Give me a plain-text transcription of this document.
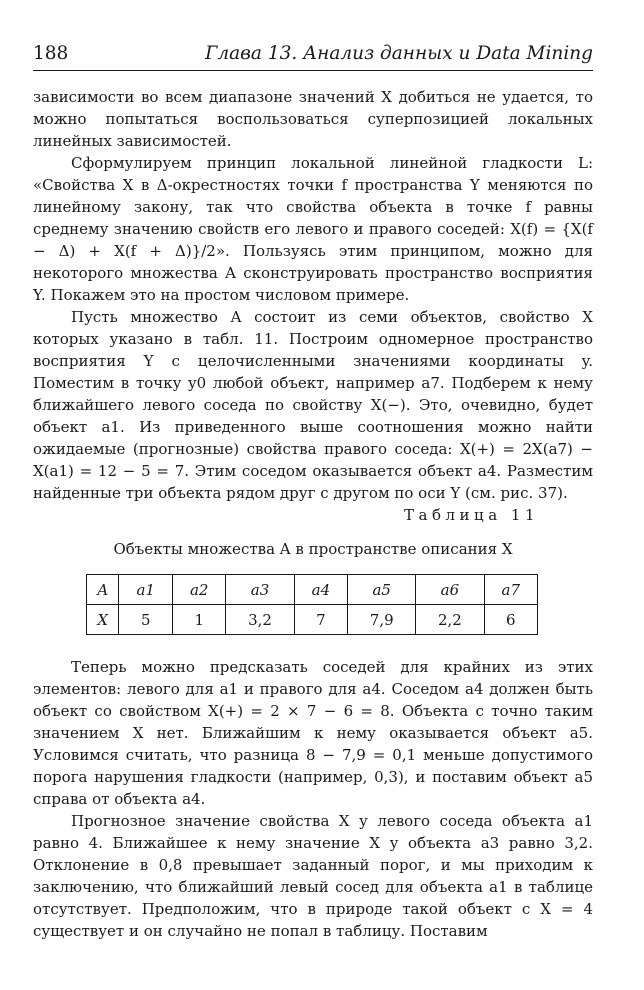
188	Глава 13. Анализ данных и Data Mining

зависимости во всем диапазоне значений X добиться не удается, то можно попытаться воспользоваться суперпозицией локальных линейных зависимостей.

Сформулируем принцип локальной линейной гладкости L: «Свойства X в Δ-окрестностях точки f пространства Y меняются по линейному закону, так что свойства объекта в точке f равны среднему значению свойств его левого и правого соседей: X(f) = {X(f − Δ) + X(f + Δ)}/2». Пользуясь этим принципом, можно для некоторого множества A сконструировать пространство восприятия Y. Покажем это на простом числовом примере.

Пусть множество A состоит из семи объектов, свойство X которых указано в табл. 11. Построим одномерное пространство восприятия Y с целочисленными значениями координаты y. Поместим в точку y0 любой объект, например a7. Подберем к нему ближайшего левого соседа по свойству X(−). Это, очевидно, будет объект a1. Из приведенного выше соотношения можно найти ожидаемые (прогнозные) свойства правого соседа: X(+) = 2X(a7) − X(a1) = 12 − 5 = 7. Этим соседом оказывается объект a4. Разместим найденные три объекта рядом друг с другом по оси Y (см. рис. 37).

Таблица 11
Объекты множества A в пространстве описания X
A	a1	a2	a3	a4	a5	a6	a7
X	5	1	3,2	7	7,9	2,2	6

Теперь можно предсказать соседей для крайних из этих элементов: левого для a1 и правого для a4. Соседом a4 должен быть объект со свойством X(+) = 2 × 7 − 6 = 8. Объекта с точно таким значением X нет. Ближайшим к нему оказывается объект a5. Условимся считать, что разница 8 − 7,9 = 0,1 меньше допустимого порога нарушения гладкости (например, 0,3), и поставим объект a5 справа от объекта a4.

Прогнозное значение свойства X у левого соседа объекта a1 равно 4. Ближайшее к нему значение X у объекта a3 равно 3,2. Отклонение в 0,8 превышает заданный порог, и мы приходим к заключению, что ближайший левый сосед для объекта a1 в таблице отсутствует. Предположим, что в природе такой объект с X = 4 существует и он случайно не попал в таблицу. Поставим
